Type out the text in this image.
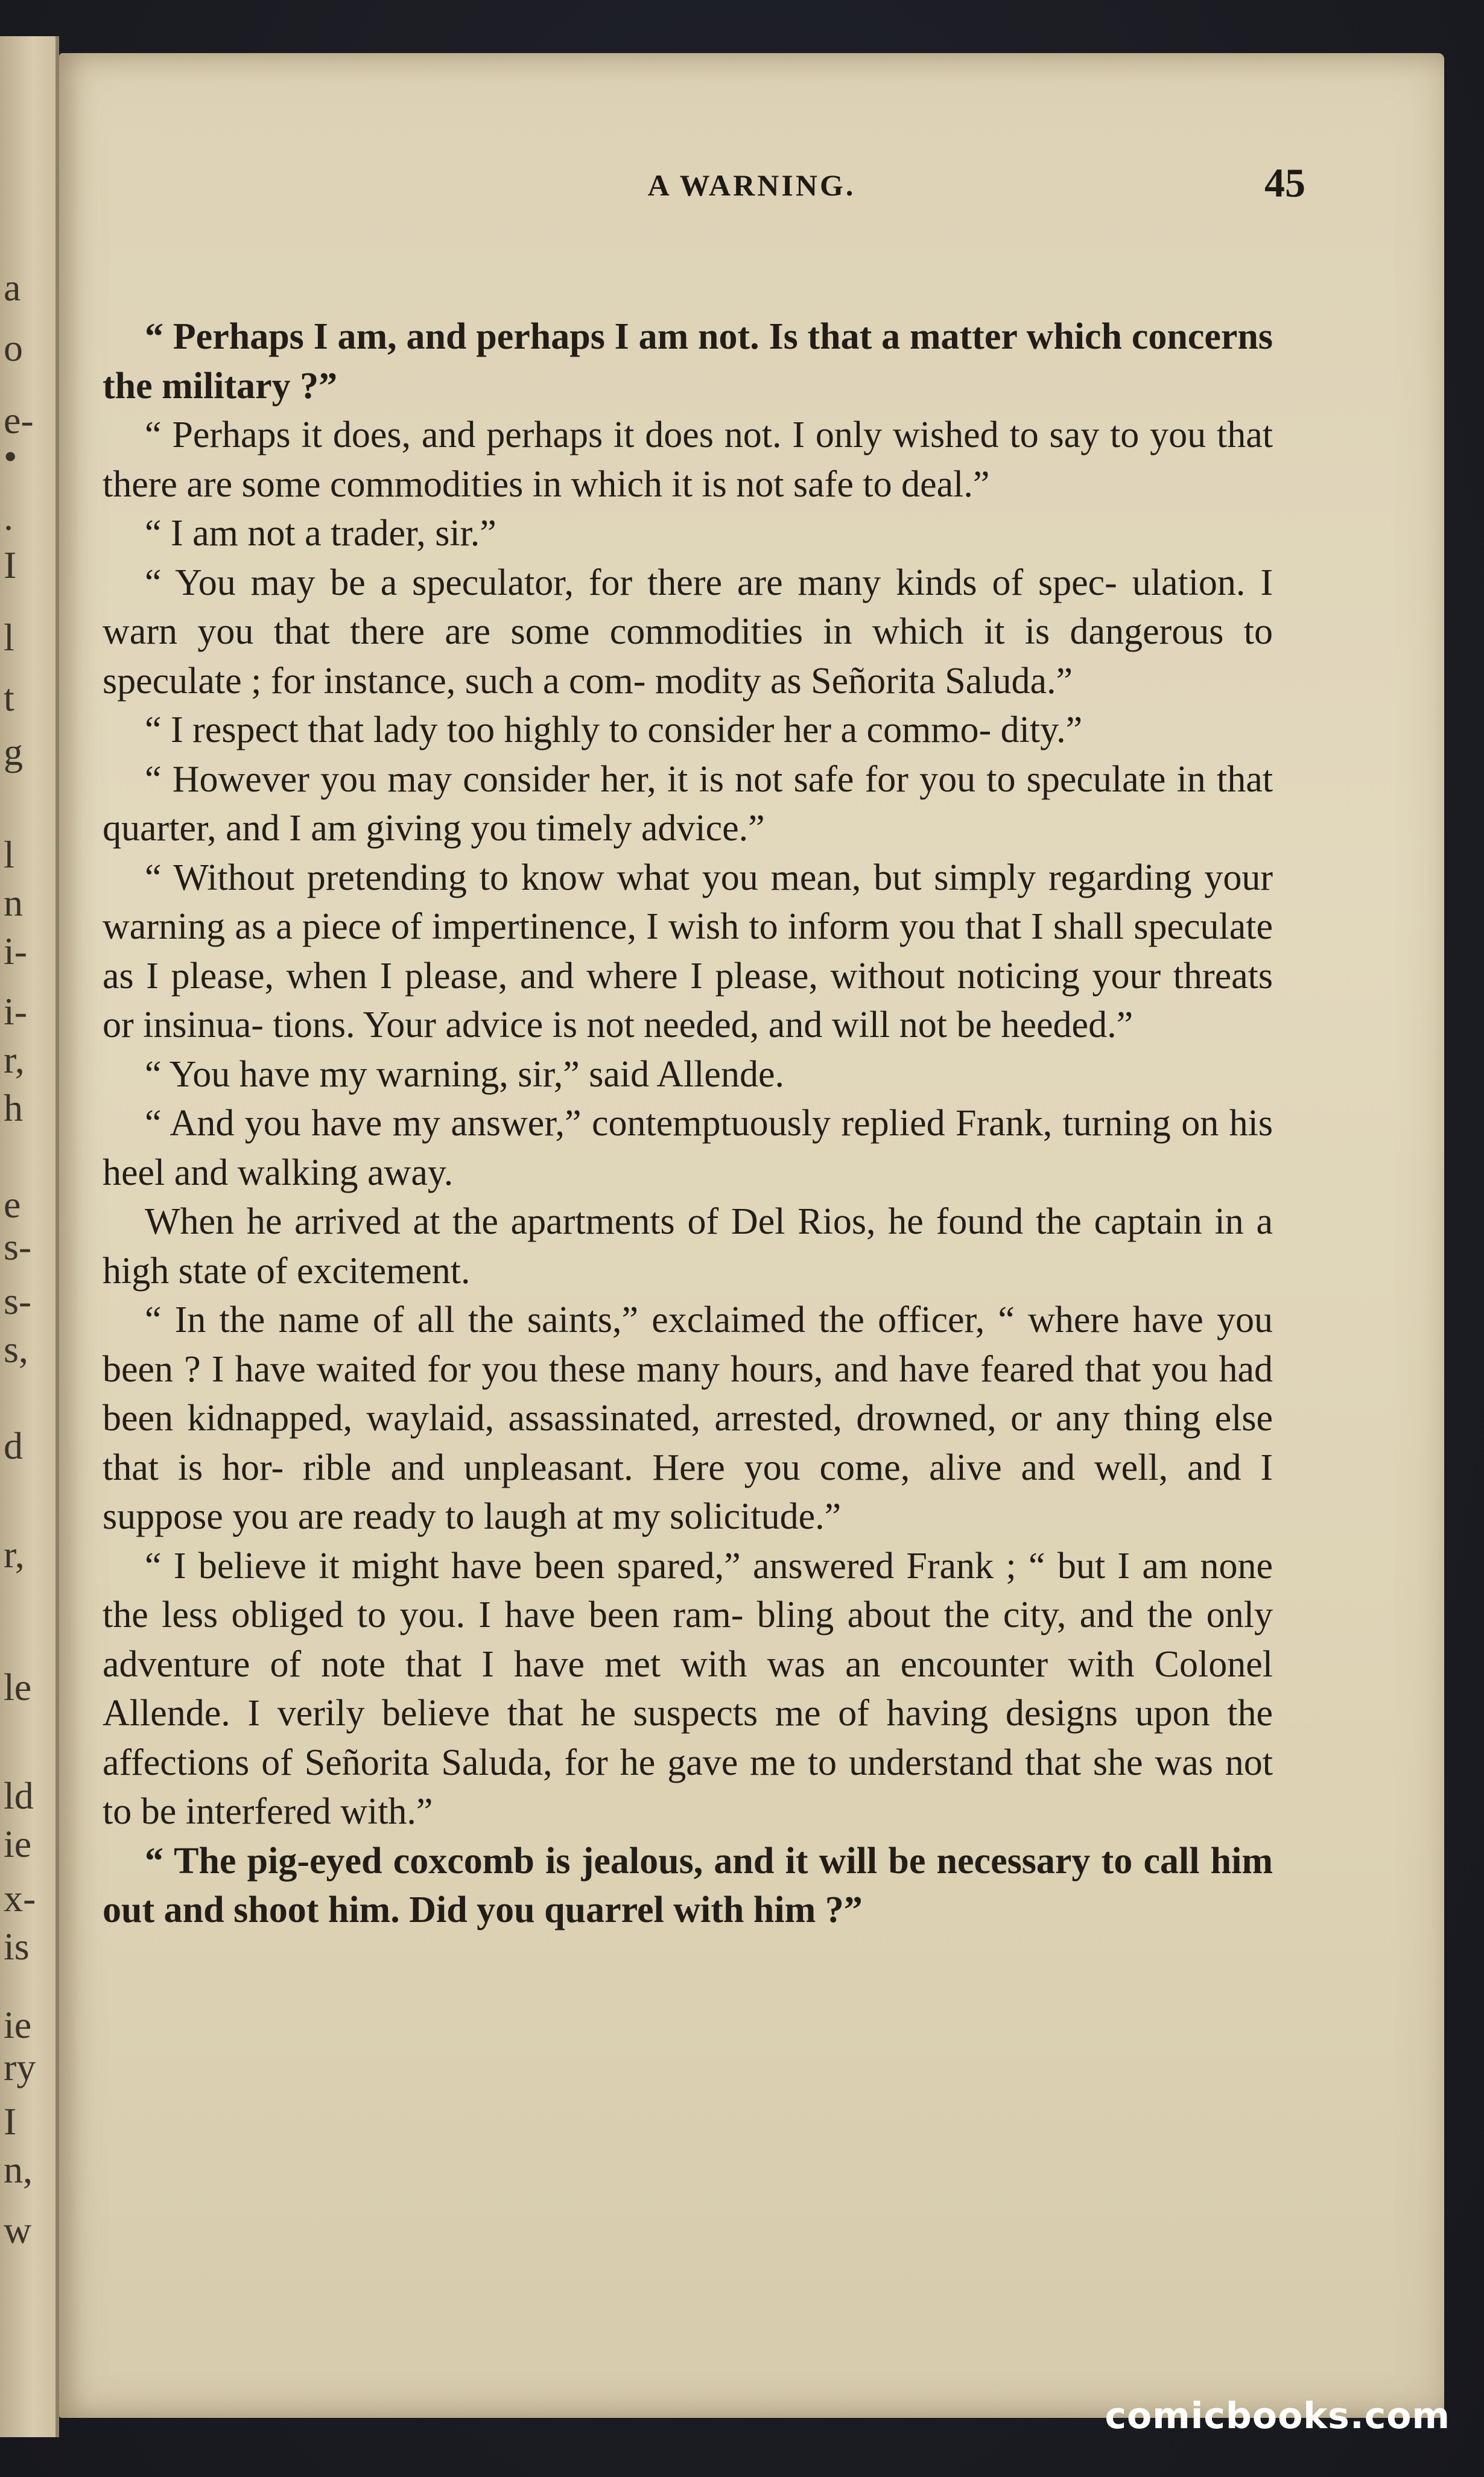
a
o
e-
•
.
I
l
t
g
l
n
i-
i-
r,
h
e
s-
s-
s,
d
r,
le
ld
ie
x-
is
ie
ry
I
n,
w
A WARNING.	45

“ Perhaps I am, and perhaps I am not. Is that a matter which concerns the military ?”

“ Perhaps it does, and perhaps it does not. I only wished to say to you that there are some commodities in which it is not safe to deal.”

“ I am not a trader, sir.”

“ You may be a speculator, for there are many kinds of spec- ulation. I warn you that there are some commodities in which it is dangerous to speculate ; for instance, such a com- modity as Señorita Saluda.”

“ I respect that lady too highly to consider her a commo- dity.”

“ However you may consider her, it is not safe for you to speculate in that quarter, and I am giving you timely advice.”

“ Without pretending to know what you mean, but simply regarding your warning as a piece of impertinence, I wish to inform you that I shall speculate as I please, when I please, and where I please, without noticing your threats or insinua- tions. Your advice is not needed, and will not be heeded.”

“ You have my warning, sir,” said Allende.

“ And you have my answer,” contemptuously replied Frank, turning on his heel and walking away.

When he arrived at the apartments of Del Rios, he found the captain in a high state of excitement.

“ In the name of all the saints,” exclaimed the officer, “ where have you been ? I have waited for you these many hours, and have feared that you had been kidnapped, waylaid, assassinated, arrested, drowned, or any thing else that is hor- rible and unpleasant. Here you come, alive and well, and I suppose you are ready to laugh at my solicitude.”

“ I believe it might have been spared,” answered Frank ; “ but I am none the less obliged to you. I have been ram- bling about the city, and the only adventure of note that I have met with was an encounter with Colonel Allende. I verily believe that he suspects me of having designs upon the affections of Señorita Saluda, for he gave me to understand that she was not to be interfered with.”

“ The pig-eyed coxcomb is jealous, and it will be necessary to call him out and shoot him. Did you quarrel with him ?”

comicbooks.com
